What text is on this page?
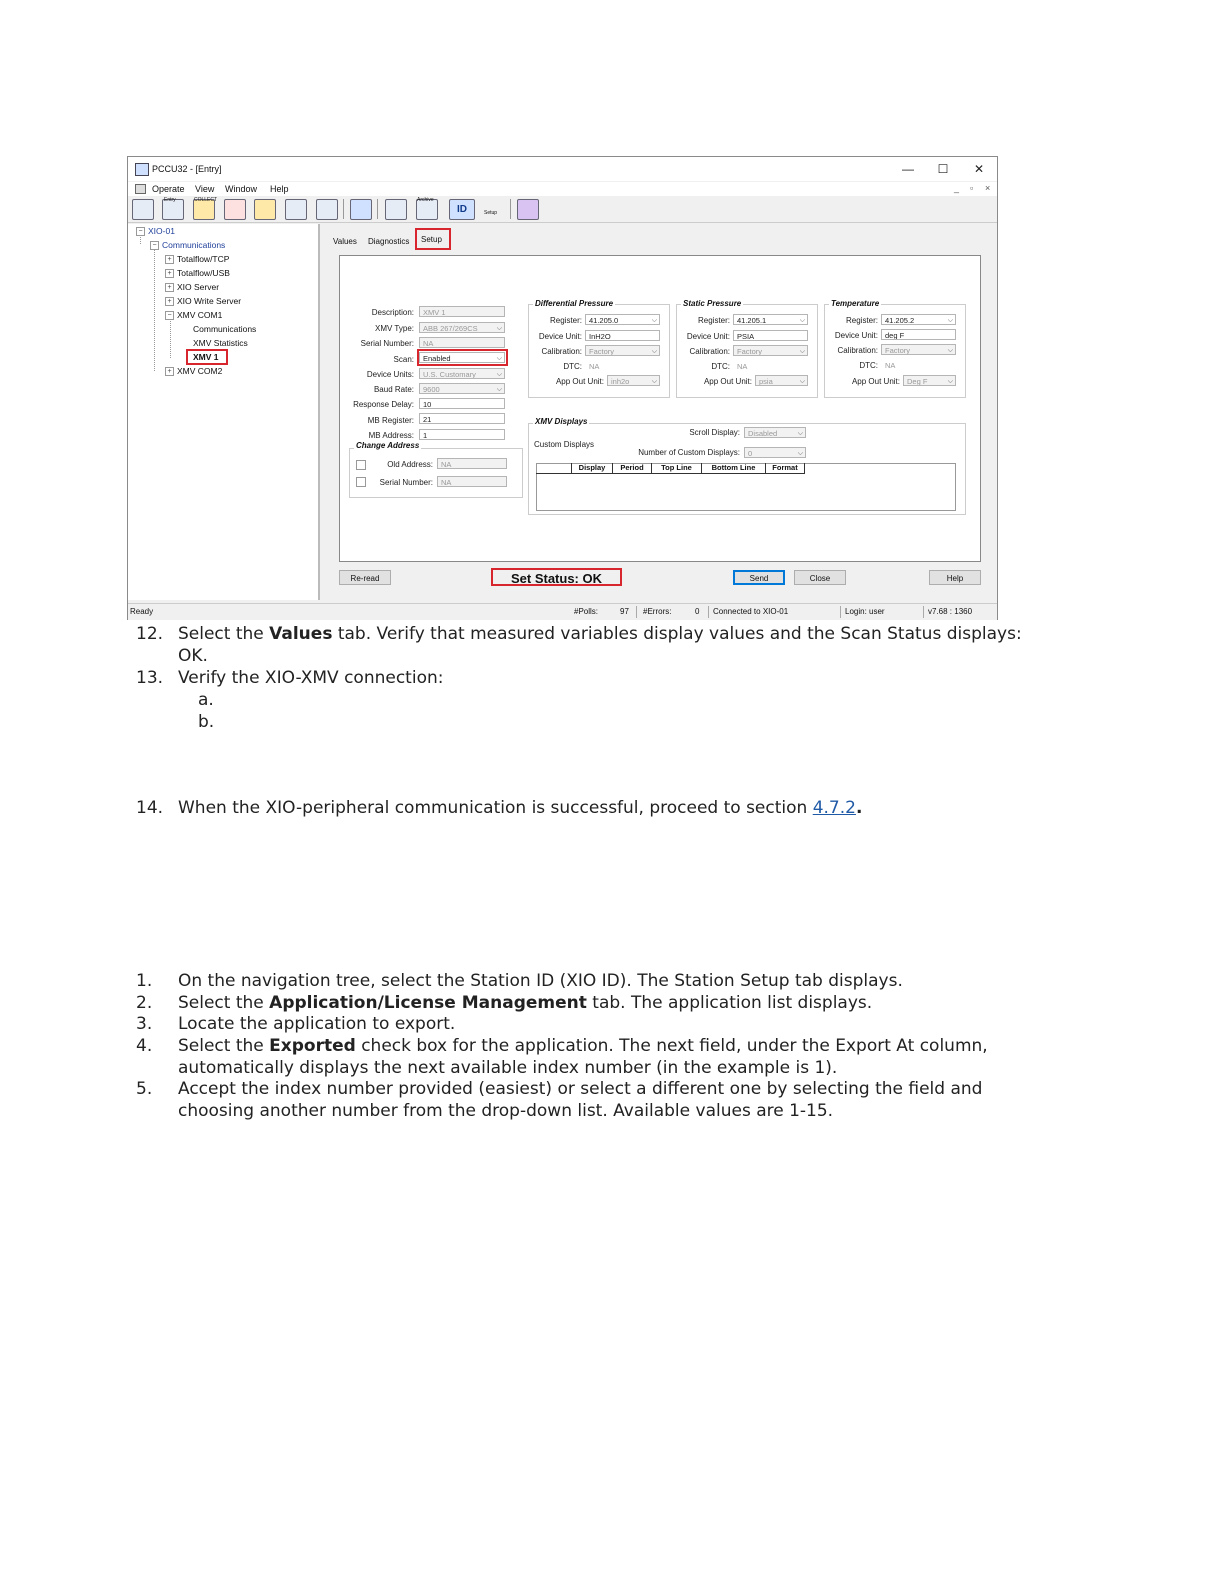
PCCU32 - [Entry]	—	☐	✕
Operate View Window Help	_ ▫ ×
Entry	COLLECT	Archive
ID	Setup
− XIO-01
− Communications
+ Totalflow/TCP
+ Totalflow/USB
+ XIO Server
+ XIO Write Server
− XMV COM1
Communications
XMV Statistics
XMV 1
+ XMV COM2
Values Diagnostics Setup
Description:	XMV 1
XMV Type:	ABB 267/269CS	⌵
Serial Number:	NA
Scan:	Enabled	⌵
Device Units:	U.S. Customary	⌵
Baud Rate:	9600	⌵
Response Delay:	10
MB Register:	21
MB Address:	1
Change Address
Old Address:	NA
Serial Number:	NA
Differential Pressure
Register: 41.205.0	⌵
Device Unit: InH2O
Calibration: Factory	⌵
DTC: NA
App Out Unit: inh2o	⌵
Static Pressure
Register: 41.205.1	⌵
Device Unit: PSIA
Calibration: Factory	⌵
DTC: NA
App Out Unit: psia	⌵
Temperature
Register: 41.205.2	⌵
Device Unit: deg F
Calibration: Factory	⌵
DTC: NA
App Out Unit: Deg F	⌵
XMV Displays
Scroll Display:	Disabled	⌵
Custom Displays
Number of Custom Displays:	0	⌵
Display	Period	Top Line	Bottom Line	Format
Re-read	Set Status: OK	Send	Close	Help
Ready	#Polls:	97 #Errors:	0 Connected to XIO-01	Login: user	v7.68 : 1360
12. Select the Values tab. Verify that measured variables display values and the Scan Status displays:
OK.
13. Verify the XIO-XMV connection:
a.
b.
14. When the XIO-peripheral communication is successful, proceed to section 4.7.2.
1. On the navigation tree, select the Station ID (XIO ID). The Station Setup tab displays.
2. Select the Application/License Management tab. The application list displays.
3. Locate the application to export.
4. Select the Exported check box for the application. The next field, under the Export At column,
automatically displays the next available index number (in the example is 1).
5. Accept the index number provided (easiest) or select a different one by selecting the field and
choosing another number from the drop-down list. Available values are 1-15.
